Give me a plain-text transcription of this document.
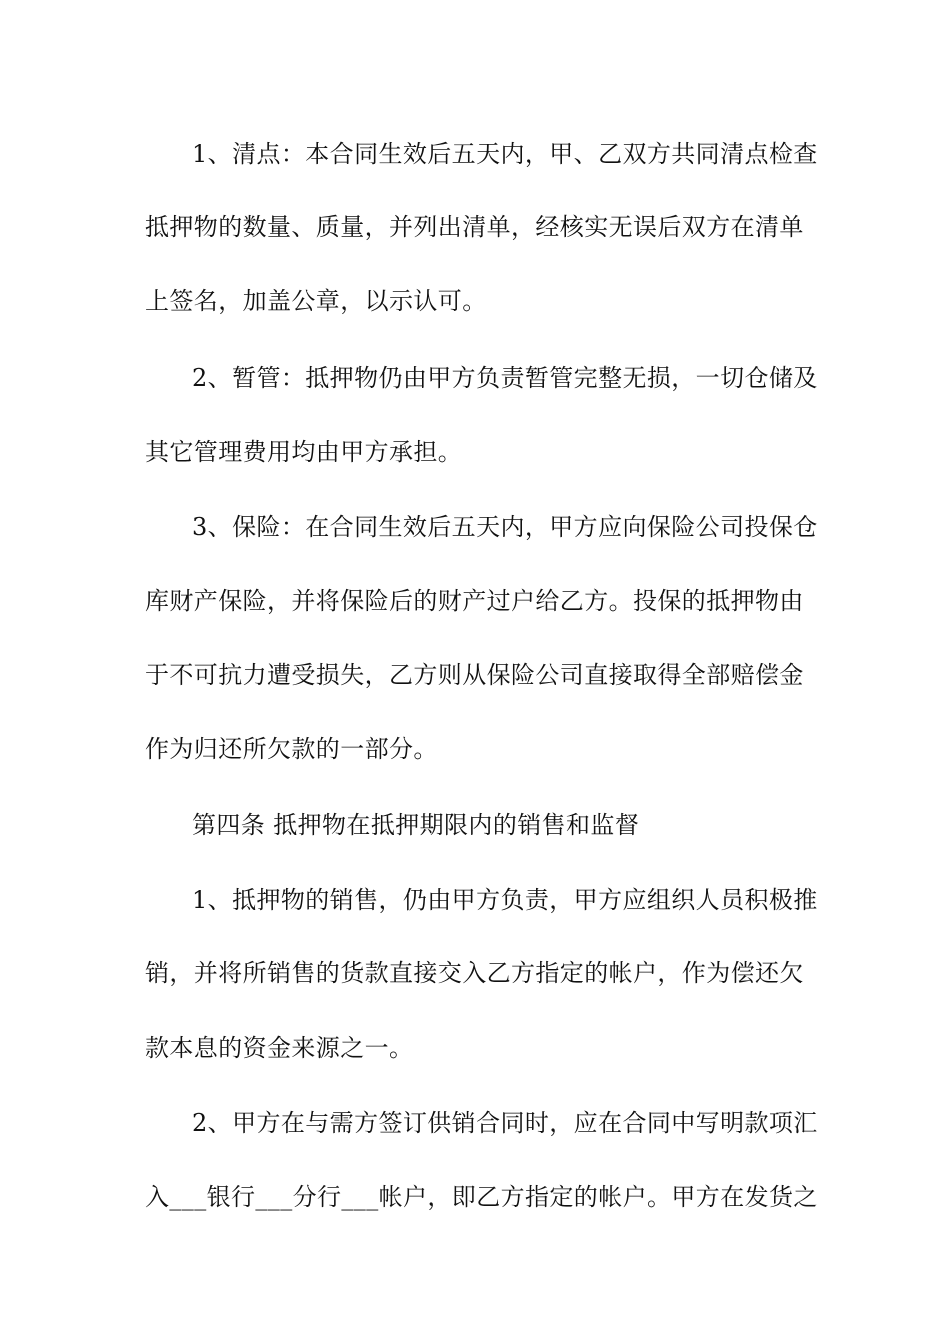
1、清点：本合同生效后五天内，甲、乙双方共同清点检查
抵押物的数量、质量，并列出清单，经核实无误后双方在清单
上签名，加盖公章，以示认可。
2、暂管：抵押物仍由甲方负责暂管完整无损，一切仓储及
其它管理费用均由甲方承担。
3、保险：在合同生效后五天内，甲方应向保险公司投保仓
库财产保险，并将保险后的财产过户给乙方。投保的抵押物由
于不可抗力遭受损失，乙方则从保险公司直接取得全部赔偿金
作为归还所欠款的一部分。
第四条 抵押物在抵押期限内的销售和监督
1、抵押物的销售，仍由甲方负责，甲方应组织人员积极推
销，并将所销售的货款直接交入乙方指定的帐户，作为偿还欠
款本息的资金来源之一。
2、甲方在与需方签订供销合同时，应在合同中写明款项汇
入___银行___分行___帐户，即乙方指定的帐户。甲方在发货之
